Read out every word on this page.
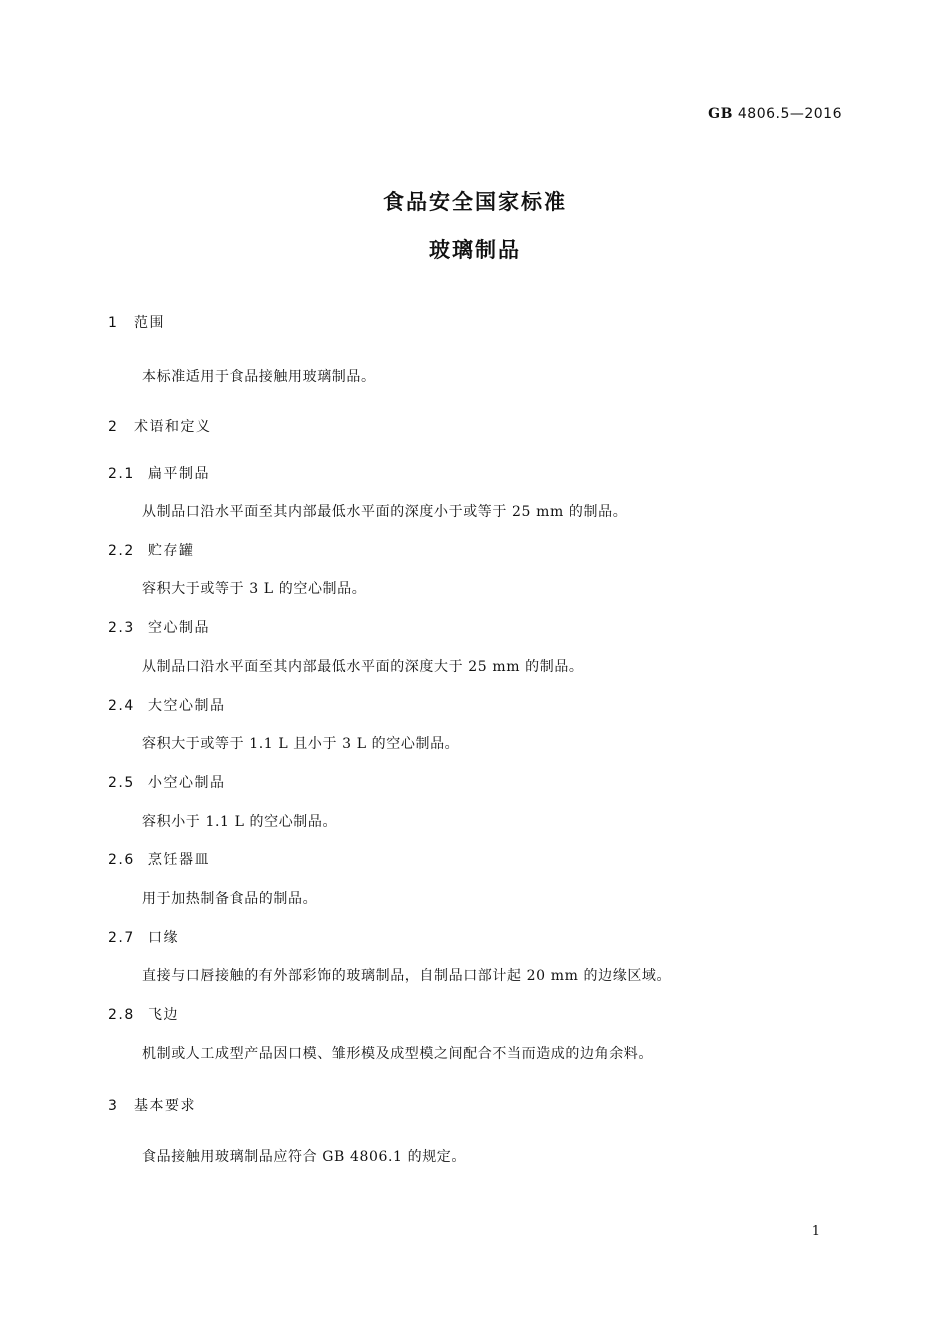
GB 4806.5—2016
食品安全国家标准
玻璃制品
1 范围
本标准适用于食品接触用玻璃制品。
2 术语和定义
2.1 扁平制品
从制品口沿水平面至其内部最低水平面的深度小于或等于 25 mm 的制品。
2.2 贮存罐
容积大于或等于 3 L 的空心制品。
2.3 空心制品
从制品口沿水平面至其内部最低水平面的深度大于 25 mm 的制品。
2.4 大空心制品
容积大于或等于 1.1 L 且小于 3 L 的空心制品。
2.5 小空心制品
容积小于 1.1 L 的空心制品。
2.6 烹饪器皿
用于加热制备食品的制品。
2.7 口缘
直接与口唇接触的有外部彩饰的玻璃制品，自制品口部计起 20 mm 的边缘区域。
2.8 飞边
机制或人工成型产品因口模、雏形模及成型模之间配合不当而造成的边角余料。
3 基本要求
食品接触用玻璃制品应符合 GB 4806.1 的规定。
1
